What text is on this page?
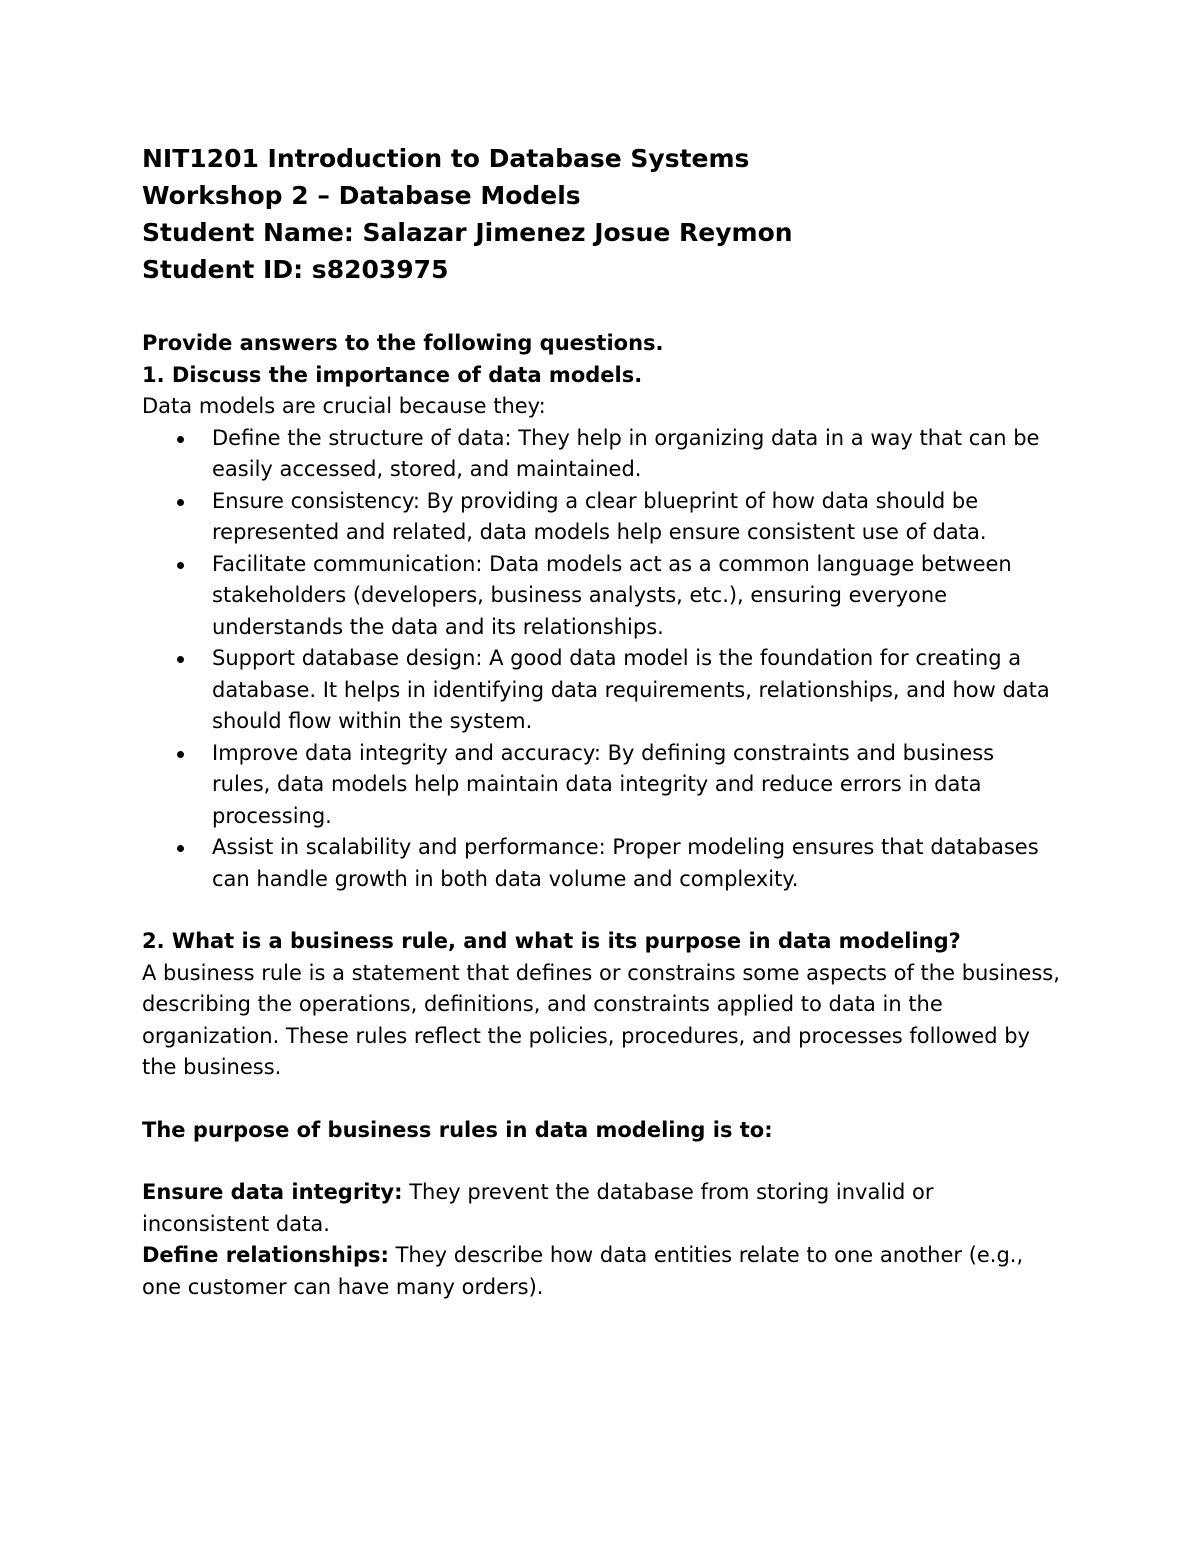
NIT1201 Introduction to Database Systems
Workshop 2 – Database Models
Student Name: Salazar Jimenez Josue Reymon
Student ID: s8203975
Provide answers to the following questions.
1. Discuss the importance of data models.
Data models are crucial because they:
Define the structure of data: They help in organizing data in a way that can be easily accessed, stored, and maintained.
Ensure consistency: By providing a clear blueprint of how data should be represented and related, data models help ensure consistent use of data.
Facilitate communication: Data models act as a common language between stakeholders (developers, business analysts, etc.), ensuring everyone understands the data and its relationships.
Support database design: A good data model is the foundation for creating a database. It helps in identifying data requirements, relationships, and how data should flow within the system.
Improve data integrity and accuracy: By defining constraints and business rules, data models help maintain data integrity and reduce errors in data processing.
Assist in scalability and performance: Proper modeling ensures that databases can handle growth in both data volume and complexity.
2. What is a business rule, and what is its purpose in data modeling?
A business rule is a statement that defines or constrains some aspects of the business, describing the operations, definitions, and constraints applied to data in the organization. These rules reflect the policies, procedures, and processes followed by the business.
The purpose of business rules in data modeling is to:
Ensure data integrity: They prevent the database from storing invalid or inconsistent data.
Define relationships: They describe how data entities relate to one another (e.g., one customer can have many orders).
